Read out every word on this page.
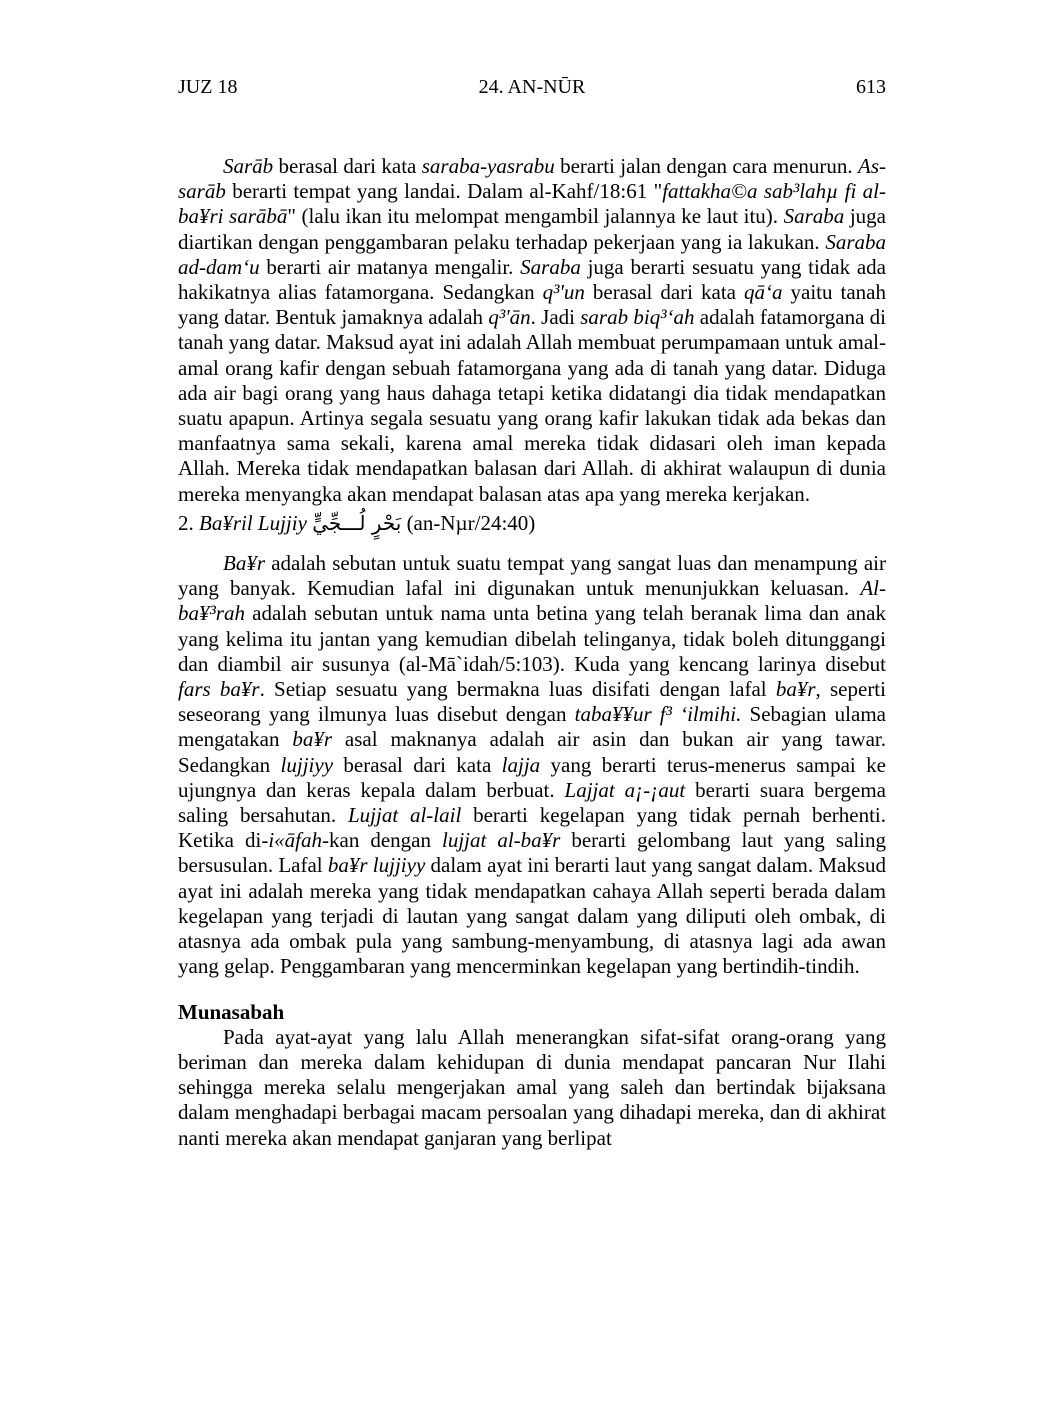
JUZ 18	24. AN-NŪR	613

Sarāb berasal dari kata saraba-yasrabu berarti jalan dengan cara menurun. As-sarāb berarti tempat yang landai. Dalam al-Kahf/18:61 "fattakha©a sab³lahµ fi al-ba¥ri sarābā" (lalu ikan itu melompat mengambil jalannya ke laut itu). Saraba juga diartikan dengan penggambaran pelaku terhadap pekerjaan yang ia lakukan. Saraba ad-dam‘u berarti air matanya mengalir. Saraba juga berarti sesuatu yang tidak ada hakikatnya alias fatamorgana. Sedangkan q³'un berasal dari kata qā‘a yaitu tanah yang datar. Bentuk jamaknya adalah q³'ān. Jadi sarab biq³‘ah adalah fatamorgana di tanah yang datar. Maksud ayat ini adalah Allah membuat perumpamaan untuk amal-amal orang kafir dengan sebuah fatamorgana yang ada di tanah yang datar. Diduga ada air bagi orang yang haus dahaga tetapi ketika didatangi dia tidak mendapatkan suatu apapun. Artinya segala sesuatu yang orang kafir lakukan tidak ada bekas dan manfaatnya sama sekali, karena amal mereka tidak didasari oleh iman kepada Allah. Mereka tidak mendapatkan balasan dari Allah. di akhirat walaupun di dunia mereka menyangka akan mendapat balasan atas apa yang mereka kerjakan.

2. Ba¥ril Lujjiy بَحْرٍ لُـــجِّيٍّ (an-Nµr/24:40)

Ba¥r adalah sebutan untuk suatu tempat yang sangat luas dan menampung air yang banyak. Kemudian lafal ini digunakan untuk menunjukkan keluasan. Al-ba¥³rah adalah sebutan untuk nama unta betina yang telah beranak lima dan anak yang kelima itu jantan yang kemudian dibelah telinganya, tidak boleh ditunggangi dan diambil air susunya (al-Mā`idah/5:103). Kuda yang kencang larinya disebut fars ba¥r. Setiap sesuatu yang bermakna luas disifati dengan lafal ba¥r, seperti seseorang yang ilmunya luas disebut dengan taba¥¥ur f³ ‘ilmihi. Sebagian ulama mengatakan ba¥r asal maknanya adalah air asin dan bukan air yang tawar. Sedangkan lujjiyy berasal dari kata lajja yang berarti terus-menerus sampai ke ujungnya dan keras kepala dalam berbuat. Lajjat a¡-¡aut berarti suara bergema saling bersahutan. Lujjat al-lail berarti kegelapan yang tidak pernah berhenti. Ketika di-i«āfah-kan dengan lujjat al-ba¥r berarti gelombang laut yang saling bersusulan. Lafal ba¥r lujjiyy dalam ayat ini berarti laut yang sangat dalam. Maksud ayat ini adalah mereka yang tidak mendapatkan cahaya Allah seperti berada dalam kegelapan yang terjadi di lautan yang sangat dalam yang diliputi oleh ombak, di atasnya ada ombak pula yang sambung-menyambung, di atasnya lagi ada awan yang gelap. Penggambaran yang mencerminkan kegelapan yang bertindih-tindih.

Munasabah

Pada ayat-ayat yang lalu Allah menerangkan sifat-sifat orang-orang yang beriman dan mereka dalam kehidupan di dunia mendapat pancaran Nur Ilahi sehingga mereka selalu mengerjakan amal yang saleh dan bertindak bijaksana dalam menghadapi berbagai macam persoalan yang dihadapi mereka, dan di akhirat nanti mereka akan mendapat ganjaran yang berlipat
